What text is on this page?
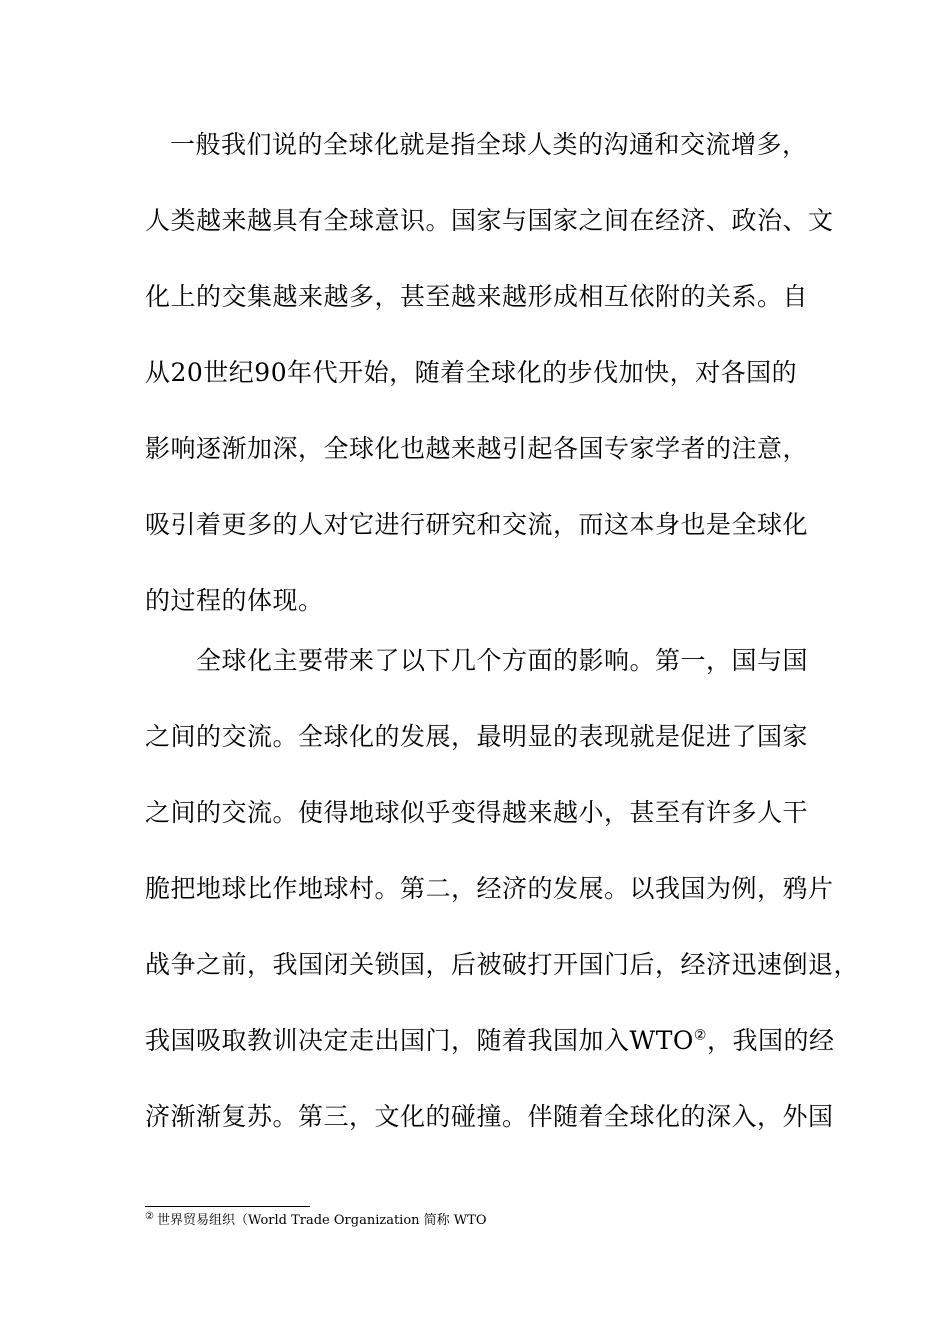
一般我们说的全球化就是指全球人类的沟通和交流增多，
人类越来越具有全球意识。国家与国家之间在经济、政治、文
化上的交集越来越多，甚至越来越形成相互依附的关系。自
从20世纪90年代开始，随着全球化的步伐加快，对各国的
影响逐渐加深，全球化也越来越引起各国专家学者的注意，
吸引着更多的人对它进行研究和交流，而这本身也是全球化
的过程的体现。
全球化主要带来了以下几个方面的影响。第一，国与国
之间的交流。全球化的发展，最明显的表现就是促进了国家
之间的交流。使得地球似乎变得越来越小，甚至有许多人干
脆把地球比作地球村。第二，经济的发展。以我国为例，鸦片
战争之前，我国闭关锁国，后被破打开国门后，经济迅速倒退，
我国吸取教训决定走出国门，随着我国加入WTO②，我国的经
济渐渐复苏。第三，文化的碰撞。伴随着全球化的深入，外国
② 世界贸易组织（World Trade Organization 简称 WTO
